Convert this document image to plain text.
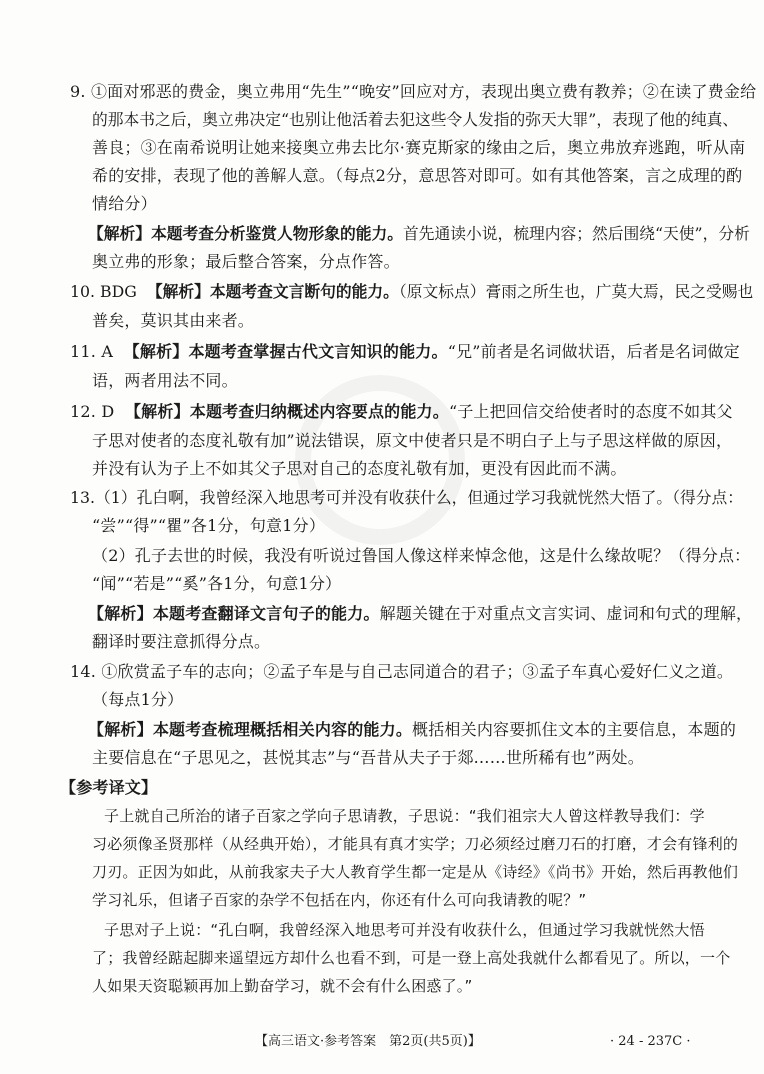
9. ①面对邪恶的费金，奥立弗用“先生”“晚安”回应对方，表现出奥立费有教养；②在读了费金给
的那本书之后，奥立弗决定“也别让他活着去犯这些令人发指的弥天大罪”，表现了他的纯真、
善良；③在南希说明让她来接奥立弗去比尔·赛克斯家的缘由之后，奥立弗放弃逃跑，听从南
希的安排，表现了他的善解人意。（每点2分，意思答对即可。如有其他答案，言之成理的酌
情给分）
【解析】本题考查分析鉴赏人物形象的能力。首先通读小说，梳理内容；然后围绕“天使”，分析
奥立弗的形象；最后整合答案，分点作答。
10. BDG 【解析】本题考查文言断句的能力。（原文标点）膏雨之所生也，广莫大焉，民之受赐也
普矣，莫识其由来者。
11. A 【解析】本题考查掌握古代文言知识的能力。“兄”前者是名词做状语，后者是名词做定
语，两者用法不同。
12. D 【解析】本题考查归纳概述内容要点的能力。“子上把回信交给使者时的态度不如其父
子思对使者的态度礼敬有加”说法错误，原文中使者只是不明白子上与子思这样做的原因，
并没有认为子上不如其父子思对自己的态度礼敬有加，更没有因此而不满。
13.（1）孔白啊，我曾经深入地思考可并没有收获什么，但通过学习我就恍然大悟了。（得分点：
“尝”“得”“瞿”各1分，句意1分）
（2）孔子去世的时候，我没有听说过鲁国人像这样来悼念他，这是什么缘故呢？（得分点：
“闻”“若是”“奚”各1分，句意1分）
【解析】本题考查翻译文言句子的能力。解题关键在于对重点文言实词、虚词和句式的理解，
翻译时要注意抓得分点。
14. ①欣赏孟子车的志向；②孟子车是与自己志同道合的君子；③孟子车真心爱好仁义之道。
（每点1分）
【解析】本题考查梳理概括相关内容的能力。概括相关内容要抓住文本的主要信息，本题的
主要信息在“子思见之，甚悦其志”与“吾昔从夫子于郯……世所稀有也”两处。
【参考译文】
子上就自己所治的诸子百家之学向子思请教，子思说：“我们祖宗大人曾这样教导我们：学
习必须像圣贤那样（从经典开始），才能具有真才实学；刀必须经过磨刀石的打磨，才会有锋利的
刀刃。正因为如此，从前我家夫子大人教育学生都一定是从《诗经》《尚书》开始，然后再教他们
学习礼乐，但诸子百家的杂学不包括在内，你还有什么可向我请教的呢？”
子思对子上说：“孔白啊，我曾经深入地思考可并没有收获什么，但通过学习我就恍然大悟
了；我曾经踮起脚来遥望远方却什么也看不到，可是一登上高处我就什么都看见了。所以，一个
人如果天资聪颖再加上勤奋学习，就不会有什么困惑了。”
【高三语文·参考答案　第2页(共5页)】	· 24 - 237C ·
